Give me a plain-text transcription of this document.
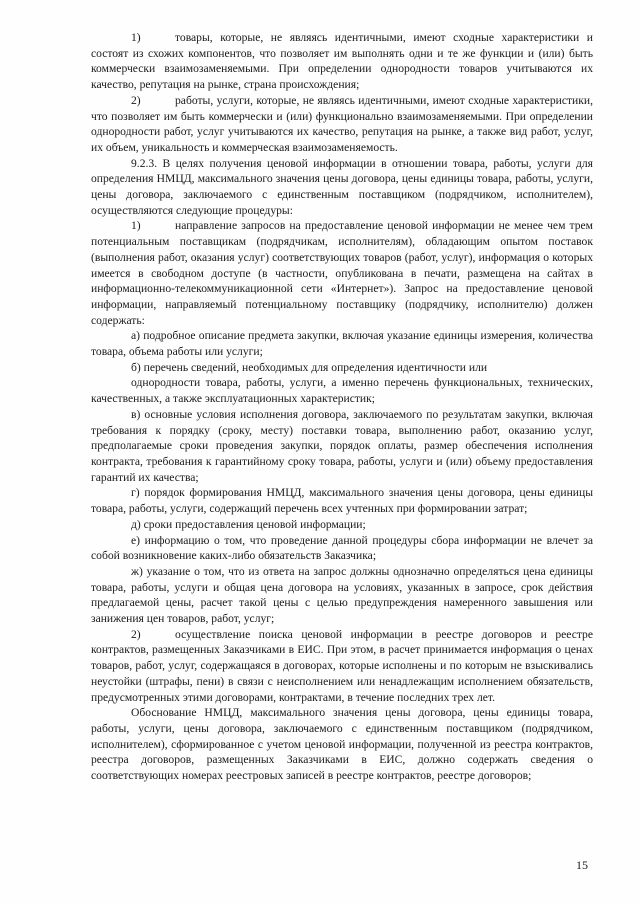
1)	товары, которые, не являясь идентичными, имеют сходные характеристики и состоят из схожих компонентов, что позволяет им выполнять одни и те же функции и (или) быть коммерчески взаимозаменяемыми. При определении однородности товаров учитываются их качество, репутация на рынке, страна происхождения;

2)	работы, услуги, которые, не являясь идентичными, имеют сходные характеристики, что позволяет им быть коммерчески и (или) функционально взаимозаменяемыми. При определении однородности работ, услуг учитываются их качество, репутация на рынке, а также вид работ, услуг, их объем, уникальность и коммерческая взаимозаменяемость.

9.2.3. В целях получения ценовой информации в отношении товара, работы, услуги для определения НМЦД, максимального значения цены договора, цены единицы товара, работы, услуги, цены договора, заключаемого с единственным поставщиком (подрядчиком, исполнителем), осуществляются следующие процедуры:

1)	направление запросов на предоставление ценовой информации не менее чем трем потенциальным поставщикам (подрядчикам, исполнителям), обладающим опытом поставок (выполнения работ, оказания услуг) соответствующих товаров (работ, услуг), информация о которых имеется в свободном доступе (в частности, опубликована в печати, размещена на сайтах в информационно-телекоммуникационной сети «Интернет»). Запрос на предоставление ценовой информации, направляемый потенциальному поставщику (подрядчику, исполнителю) должен содержать:

а) подробное описание предмета закупки, включая указание единицы измерения, количества товара, объема работы или услуги;

б) перечень сведений, необходимых для определения идентичности или

однородности товара, работы, услуги, а именно перечень функциональных, технических, качественных, а также эксплуатационных характеристик;

в) основные условия исполнения договора, заключаемого по результатам закупки, включая требования к порядку (сроку, месту) поставки товара, выполнению работ, оказанию услуг, предполагаемые сроки проведения закупки, порядок оплаты, размер обеспечения исполнения контракта, требования к гарантийному сроку товара, работы, услуги и (или) объему предоставления гарантий их качества;

г) порядок формирования НМЦД, максимального значения цены договора, цены единицы товара, работы, услуги, содержащий перечень всех учтенных при формировании затрат;

д) сроки предоставления ценовой информации;

е) информацию о том, что проведение данной процедуры сбора информации не влечет за собой возникновение каких-либо обязательств Заказчика;

ж) указание о том, что из ответа на запрос должны однозначно определяться цена единицы товара, работы, услуги и общая цена договора на условиях, указанных в запросе, срок действия предлагаемой цены, расчет такой цены с целью предупреждения намеренного завышения или занижения цен товаров, работ, услуг;

2)	осуществление поиска ценовой информации в реестре договоров и реестре контрактов, размещенных Заказчиками в ЕИС. При этом, в расчет принимается информация о ценах товаров, работ, услуг, содержащаяся в договорах, которые исполнены и по которым не взыскивались неустойки (штрафы, пени) в связи с неисполнением или ненадлежащим исполнением обязательств, предусмотренных этими договорами, контрактами, в течение последних трех лет.

Обоснование НМЦД, максимального значения цены договора, цены единицы товара, работы, услуги, цены договора, заключаемого с единственным поставщиком (подрядчиком, исполнителем), сформированное с учетом ценовой информации, полученной из реестра контрактов, реестра договоров, размещенных Заказчиками в ЕИС, должно содержать сведения о соответствующих номерах реестровых записей в реестре контрактов, реестре договоров;

15
